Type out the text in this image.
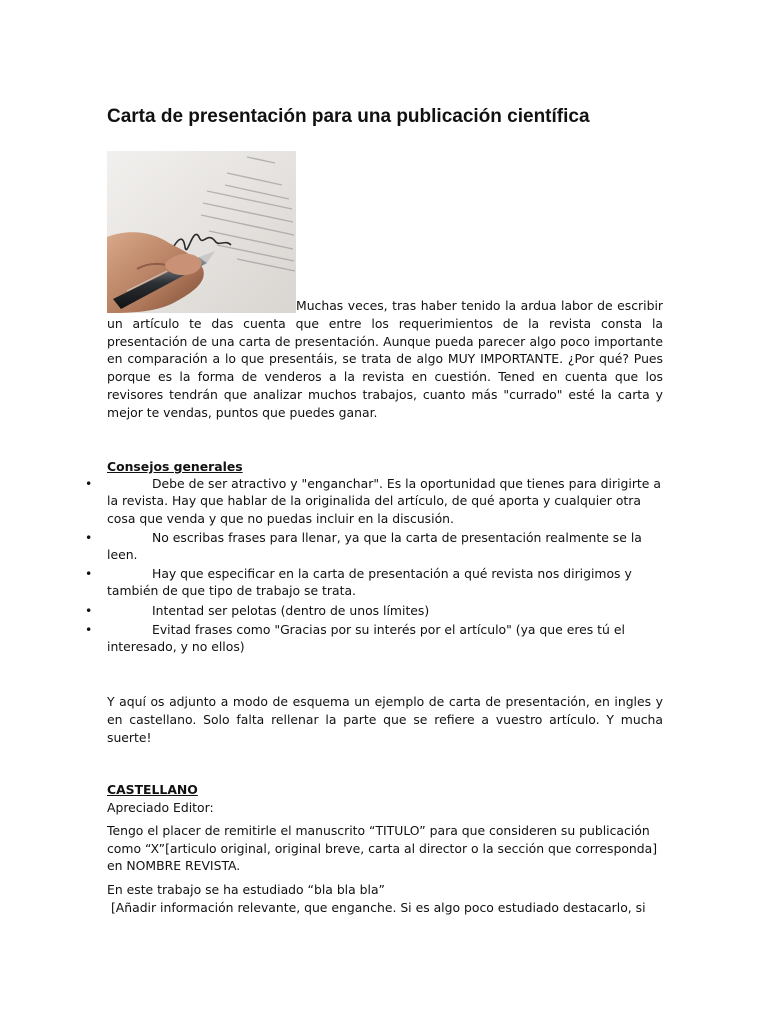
Carta de presentación para una publicación científica

Muchas veces, tras haber tenido la ardua labor de escribir un artículo te das cuenta que entre los requerimientos de la revista consta la presentación de una carta de presentación. Aunque pueda parecer algo poco importante en comparación a lo que presentáis, se trata de algo MUY IMPORTANTE. ¿Por qué? Pues porque es la forma de venderos a la revista en cuestión. Tened en cuenta que los revisores tendrán que analizar muchos trabajos, cuanto más "currado" esté la carta y mejor te vendas, puntos que puedes ganar.

Consejos generales
•	Debe de ser atractivo y "enganchar". Es la oportunidad que tienes para dirigirte a la revista. Hay que hablar de la originalida del artículo, de qué aporta y cualquier otra cosa que venda y que no puedas incluir en la discusión.
•	No escribas frases para llenar, ya que la carta de presentación realmente se la leen.
•	Hay que especificar en la carta de presentación a qué revista nos dirigimos y también de que tipo de trabajo se trata.
•	Intentad ser pelotas (dentro de unos límites)
•	Evitad frases como "Gracias por su interés por el artículo" (ya que eres tú el interesado, y no ellos)

Y aquí os adjunto a modo de esquema un ejemplo de carta de presentación, en ingles y en castellano. Solo falta rellenar la parte que se refiere a vuestro artículo. Y mucha suerte!

CASTELLANO

Apreciado Editor:

Tengo el placer de remitirle el manuscrito “TITULO” para que consideren su publicación como “X”[articulo original, original breve, carta al director o la sección que corresponda] en NOMBRE REVISTA.

En este trabajo se ha estudiado “bla bla bla”

[Añadir información relevante, que enganche. Si es algo poco estudiado destacarlo, si
